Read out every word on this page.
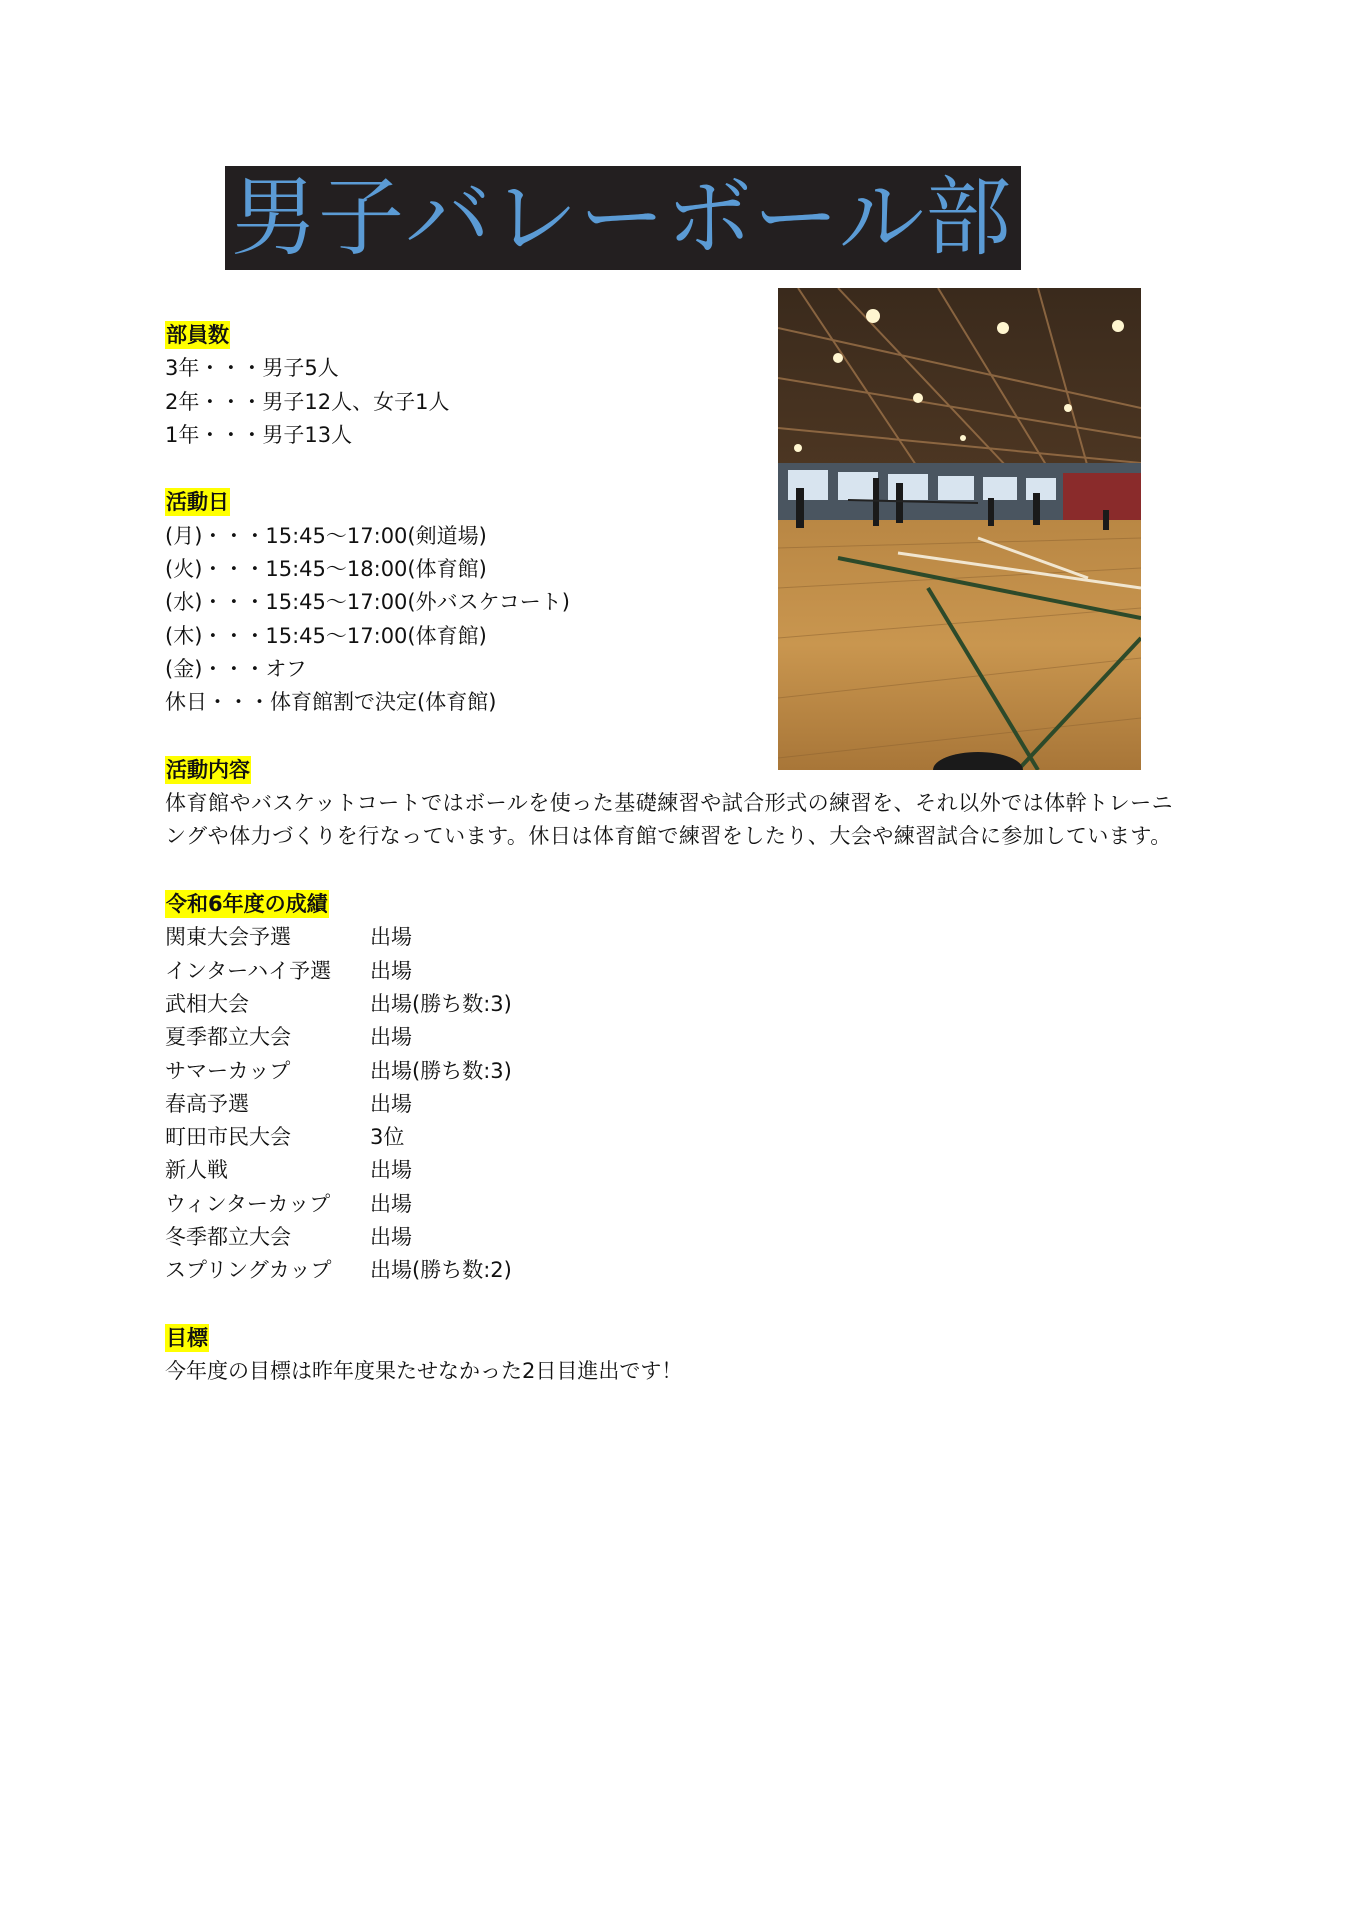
男子バレーボール部
部員数
3年・・・男子5人
2年・・・男子12人、女子1人
1年・・・男子13人
活動日
(月)・・・15:45～17:00(剣道場)
(火)・・・15:45～18:00(体育館)
(水)・・・15:45～17:00(外バスケコート)
(木)・・・15:45～17:00(体育館)
(金)・・・オフ
休日・・・体育館割で決定(体育館)
活動内容
体育館やバスケットコートではボールを使った基礎練習や試合形式の練習を、それ以外では体幹トレーニングや体力づくりを行なっています。休日は体育館で練習をしたり、大会や練習試合に参加しています。
令和6年度の成績
関東大会予選	出場
インターハイ予選	出場
武相大会	出場(勝ち数:3)
夏季都立大会	出場
サマーカップ	出場(勝ち数:3)
春高予選	出場
町田市民大会	3位
新人戦	出場
ウィンターカップ	出場
冬季都立大会	出場
スプリングカップ	出場(勝ち数:2)
目標
今年度の目標は昨年度果たせなかった2日目進出です！
